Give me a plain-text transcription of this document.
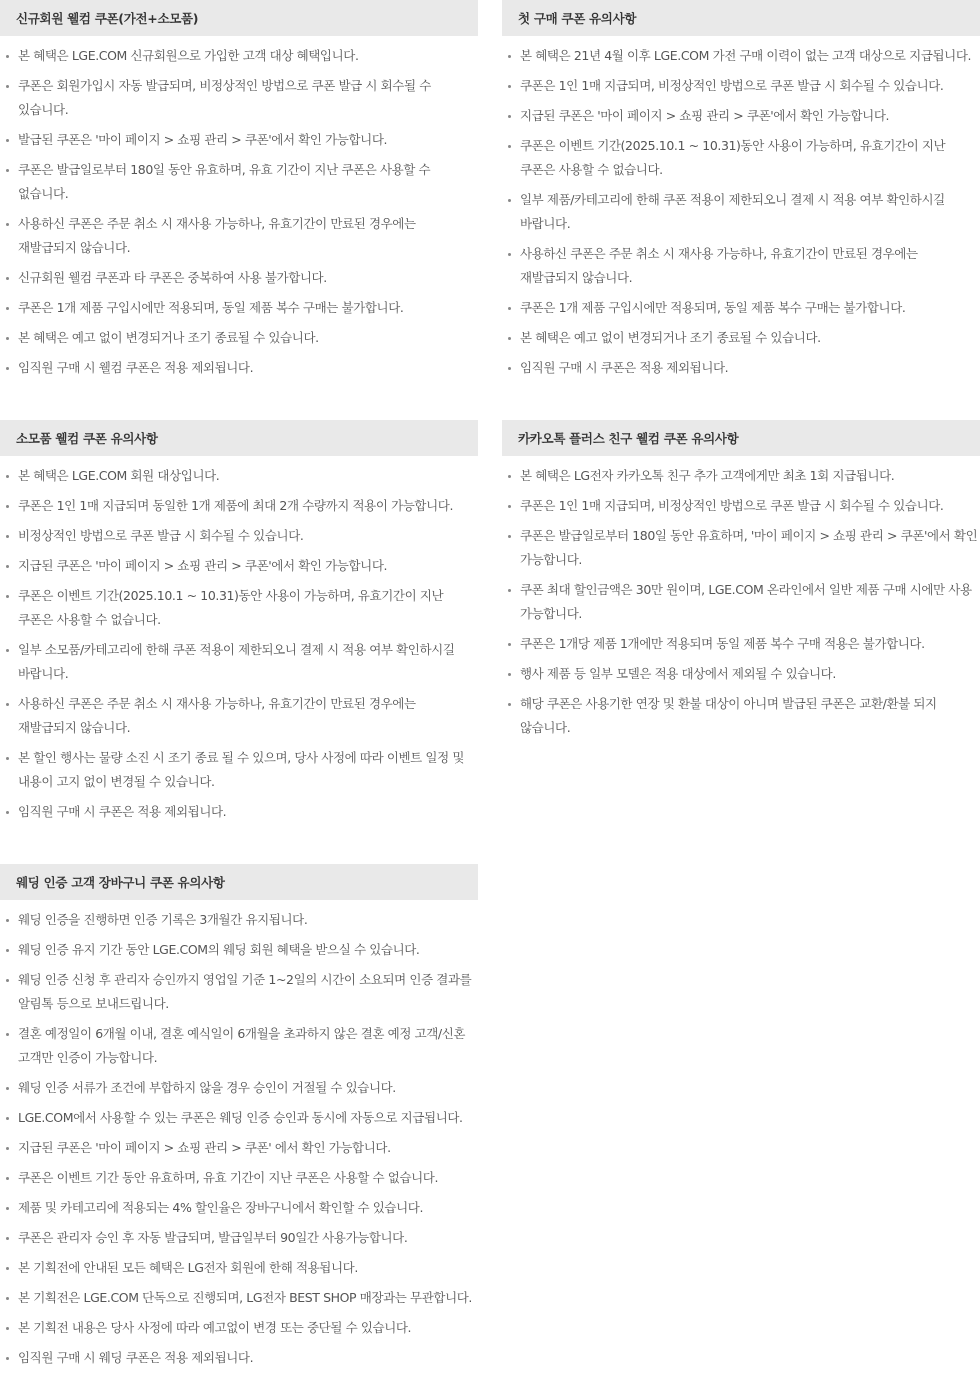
신규회원 웰컴 쿠폰(가전+소모품)
본 혜택은 LGE.COM 신규회원으로 가입한 고객 대상 혜택입니다.
쿠폰은 회원가입시 자동 발급되며, 비정상적인 방법으로 쿠폰 발급 시 회수될 수 있습니다.
발급된 쿠폰은 '마이 페이지 > 쇼핑 관리 > 쿠폰'에서 확인 가능합니다.
쿠폰은 발급일로부터 180일 동안 유효하며, 유효 기간이 지난 쿠폰은 사용할 수 없습니다.
사용하신 쿠폰은 주문 취소 시 재사용 가능하나, 유효기간이 만료된 경우에는 재발급되지 않습니다.
신규회원 웰컴 쿠폰과 타 쿠폰은 중복하여 사용 불가합니다.
쿠폰은 1개 제품 구입시에만 적용되며, 동일 제품 복수 구매는 불가합니다.
본 혜택은 예고 없이 변경되거나 조기 종료될 수 있습니다.
임직원 구매 시 웰컴 쿠폰은 적용 제외됩니다.
첫 구매 쿠폰 유의사항
본 혜택은 21년 4월 이후 LGE.COM 가전 구매 이력이 없는 고객 대상으로 지급됩니다.
쿠폰은 1인 1매 지급되며, 비정상적인 방법으로 쿠폰 발급 시 회수될 수 있습니다.
지급된 쿠폰은 '마이 페이지 > 쇼핑 관리 > 쿠폰'에서 확인 가능합니다.
쿠폰은 이벤트 기간(2025.10.1 ~ 10.31)동안 사용이 가능하며, 유효기간이 지난 쿠폰은 사용할 수 없습니다.
일부 제품/카테고리에 한해 쿠폰 적용이 제한되오니 결제 시 적용 여부 확인하시길 바랍니다.
사용하신 쿠폰은 주문 취소 시 재사용 가능하나, 유효기간이 만료된 경우에는 재발급되지 않습니다.
쿠폰은 1개 제품 구입시에만 적용되며, 동일 제품 복수 구매는 불가합니다.
본 혜택은 예고 없이 변경되거나 조기 종료될 수 있습니다.
임직원 구매 시 쿠폰은 적용 제외됩니다.
소모품 웰컴 쿠폰 유의사항
본 혜택은 LGE.COM 회원 대상입니다.
쿠폰은 1인 1매 지급되며 동일한 1개 제품에 최대 2개 수량까지 적용이 가능합니다.
비정상적인 방법으로 쿠폰 발급 시 회수될 수 있습니다.
지급된 쿠폰은 '마이 페이지 > 쇼핑 관리 > 쿠폰'에서 확인 가능합니다.
쿠폰은 이벤트 기간(2025.10.1 ~ 10.31)동안 사용이 가능하며, 유효기간이 지난 쿠폰은 사용할 수 없습니다.
일부 소모품/카테고리에 한해 쿠폰 적용이 제한되오니 결제 시 적용 여부 확인하시길 바랍니다.
사용하신 쿠폰은 주문 취소 시 재사용 가능하나, 유효기간이 만료된 경우에는 재발급되지 않습니다.
본 할인 행사는 물량 소진 시 조기 종료 될 수 있으며, 당사 사정에 따라 이벤트 일정 및 내용이 고지 없이 변경될 수 있습니다.
임직원 구매 시 쿠폰은 적용 제외됩니다.
카카오톡 플러스 친구 웰컴 쿠폰 유의사항
본 혜택은 LG전자 카카오톡 친구 추가 고객에게만 최초 1회 지급됩니다.
쿠폰은 1인 1매 지급되며, 비정상적인 방법으로 쿠폰 발급 시 회수될 수 있습니다.
쿠폰은 발급일로부터 180일 동안 유효하며, '마이 페이지 > 쇼핑 관리 > 쿠폰'에서 확인 가능합니다.
쿠폰 최대 할인금액은 30만 원이며, LGE.COM 온라인에서 일반 제품 구매 시에만 사용 가능합니다.
쿠폰은 1개당 제품 1개에만 적용되며 동일 제품 복수 구매 적용은 불가합니다.
행사 제품 등 일부 모델은 적용 대상에서 제외될 수 있습니다.
해당 쿠폰은 사용기한 연장 및 환불 대상이 아니며 발급된 쿠폰은 교환/환불 되지 않습니다.
웨딩 인증 고객 장바구니 쿠폰 유의사항
웨딩 인증을 진행하면 인증 기록은 3개월간 유지됩니다.
웨딩 인증 유지 기간 동안 LGE.COM의 웨딩 회원 혜택을 받으실 수 있습니다.
웨딩 인증 신청 후 관리자 승인까지 영업일 기준 1~2일의 시간이 소요되며 인증 결과를 알림톡 등으로 보내드립니다.
결혼 예정일이 6개월 이내, 결혼 예식일이 6개월을 초과하지 않은 결혼 예정 고객/신혼 고객만 인증이 가능합니다.
웨딩 인증 서류가 조건에 부합하지 않을 경우 승인이 거절될 수 있습니다.
LGE.COM에서 사용할 수 있는 쿠폰은 웨딩 인증 승인과 동시에 자동으로 지급됩니다.
지급된 쿠폰은 '마이 페이지 > 쇼핑 관리 > 쿠폰' 에서 확인 가능합니다.
쿠폰은 이벤트 기간 동안 유효하며, 유효 기간이 지난 쿠폰은 사용할 수 없습니다.
제품 및 카테고리에 적용되는 4% 할인율은 장바구니에서 확인할 수 있습니다.
쿠폰은 관리자 승인 후 자동 발급되며, 발급일부터 90일간 사용가능합니다.
본 기획전에 안내된 모든 혜택은 LG전자 회원에 한해 적용됩니다.
본 기획전은 LGE.COM 단독으로 진행되며, LG전자 BEST SHOP 매장과는 무관합니다.
본 기획전 내용은 당사 사정에 따라 예고없이 변경 또는 중단될 수 있습니다.
임직원 구매 시 웨딩 쿠폰은 적용 제외됩니다.
